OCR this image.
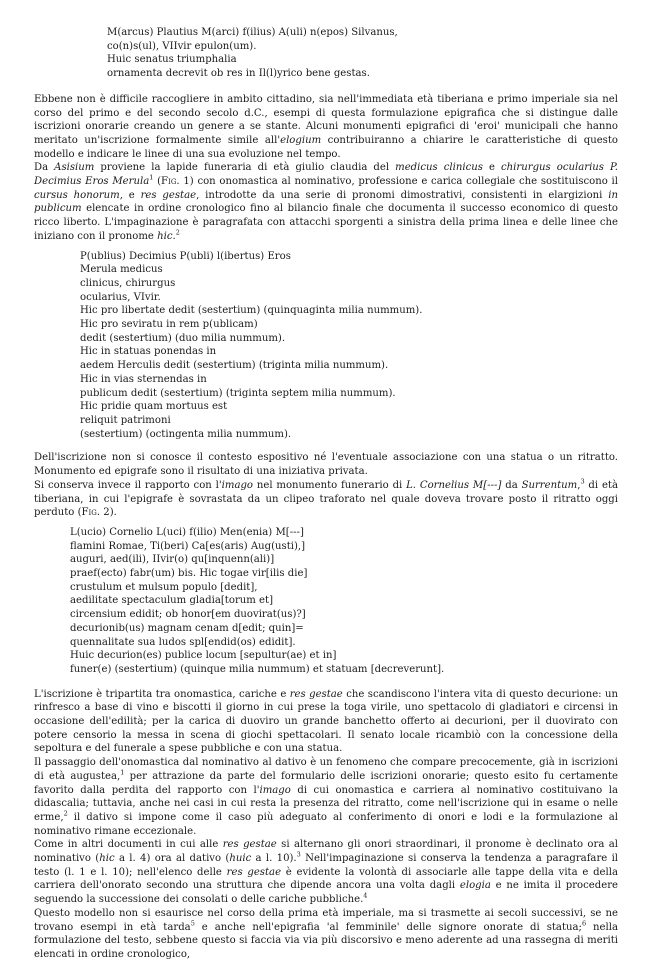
M(arcus) Plautius M(arci) f(ilius) A(uli) n(epos) Silvanus,
co(n)s(ul), VIIvir epulon(um).
Huic senatus triumphalia
ornamenta decrevit ob res in Il(l)yrico bene gestas.

Ebbene non è difficile raccogliere in ambito cittadino, sia nell'immediata età tiberiana e primo imperiale sia nel corso del primo e del secondo secolo d.C., esempi di questa formulazione epigrafica che si distingue dalle iscrizioni onorarie creando un genere a se stante. Alcuni monumenti epigrafici di 'eroi' municipali che hanno meritato un'iscrizione formalmente simile all'elogium contribuiranno a chiarire le caratteristiche di questo modello e indicare le linee di una sua evoluzione nel tempo.

Da Asisium proviene la lapide funeraria di età giulio claudia del medicus clinicus e chirurgus ocularius P. Decimius Eros Merula$^1$ (Fig. 1) con onomastica al nominativo, professione e carica collegiale che sostituiscono il cursus honorum, e res gestae, introdotte da una serie di pronomi dimostrativi, consistenti in elargizioni in publicum elencate in ordine cronologico fino al bilancio finale che documenta il successo economico di questo ricco liberto. L'impaginazione è paragrafata con attacchi sporgenti a sinistra della prima linea e delle linee che iniziano con il pronome hic.$^2$

P(ublius) Decimius P(ubli) l(ibertus) Eros
Merula medicus
clinicus, chirurgus
ocularius, VIvir.
Hic pro libertate dedit (sestertium) (quinquaginta milia nummum).
Hic pro seviratu in rem p(ublicam)
dedit (sestertium) (duo milia nummum).
Hic in statuas ponendas in
aedem Herculis dedit (sestertium) (triginta milia nummum).
Hic in vias sternendas in
publicum dedit (sestertium) (triginta septem milia nummum).
Hic pridie quam mortuus est
reliquit patrimoni
(sestertium) (octingenta milia nummum).

Dell'iscrizione non si conosce il contesto espositivo né l'eventuale associazione con una statua o un ritratto. Monumento ed epigrafe sono il risultato di una iniziativa privata.

Si conserva invece il rapporto con l'imago nel monumento funerario di L. Cornelius M[---] da Surrentum,$^3$ di età tiberiana, in cui l'epigrafe è sovrastata da un clipeo traforato nel quale doveva trovare posto il ritratto oggi perduto (Fig. 2).

L(ucio) Cornelio L(uci) f(ilio) Men(enia) M[---]
flamini Romae, Ti(beri) Ca[es(aris) Aug(usti),]
auguri, aed(ili), IIvir(o) qu[inquenn(ali)]
praef(ecto) fabr(um) bis. Hic togae vir[ilis die]
crustulum et mulsum populo [dedit],
aedilitate spectaculum gladia[torum et]
circensium edidit; ob honor[em duovirat(us)?]
decurionib(us) magnam cenam d[edit; quin]=
quennalitate sua ludos spl[endid(os) edidit].
Huic decurion(es) publice locum [sepultur(ae) et in]
funer(e) (sestertium) (quinque milia nummum) et statuam [decreverunt].

L'iscrizione è tripartita tra onomastica, cariche e res gestae che scandiscono l'intera vita di questo decurione: un rinfresco a base di vino e biscotti il giorno in cui prese la toga virile, uno spettacolo di gladiatori e circensi in occasione dell'edilità; per la carica di duoviro un grande banchetto offerto ai decurioni, per il duovirato con potere censorio la messa in scena di giochi spettacolari. Il senato locale ricambiò con la concessione della sepoltura e del funerale a spese pubbliche e con una statua.

Il passaggio dell'onomastica dal nominativo al dativo è un fenomeno che compare precocemente, già in iscrizioni di età augustea,$^1$ per attrazione da parte del formulario delle iscrizioni onorarie; questo esito fu certamente favorito dalla perdita del rapporto con l'imago di cui onomastica e carriera al nominativo costituivano la didascalia; tuttavia, anche nei casi in cui resta la presenza del ritratto, come nell'iscrizione qui in esame o nelle erme,$^2$ il dativo si impone come il caso più adeguato al conferimento di onori e lodi e la formulazione al nominativo rimane eccezionale.

Come in altri documenti in cui alle res gestae si alternano gli onori straordinari, il pronome è declinato ora al nominativo (hic a l. 4) ora al dativo (huic a l. 10).$^3$ Nell'impaginazione si conserva la tendenza a paragrafare il testo (l. 1 e l. 10); nell'elenco delle res gestae è evidente la volontà di associarle alle tappe della vita e della carriera dell'onorato secondo una struttura che dipende ancora una volta dagli elogia e ne imita il procedere seguendo la successione dei consolati o delle cariche pubbliche.$^4$

Questo modello non si esaurisce nel corso della prima età imperiale, ma si trasmette ai secoli successivi, se ne trovano esempi in età tarda$^5$ e anche nell'epigrafia 'al femminile' delle signore onorate di statua;$^6$ nella formulazione del testo, sebbene questo si faccia via via più discorsivo e meno aderente ad una rassegna di meriti elencati in ordine cronologico,
